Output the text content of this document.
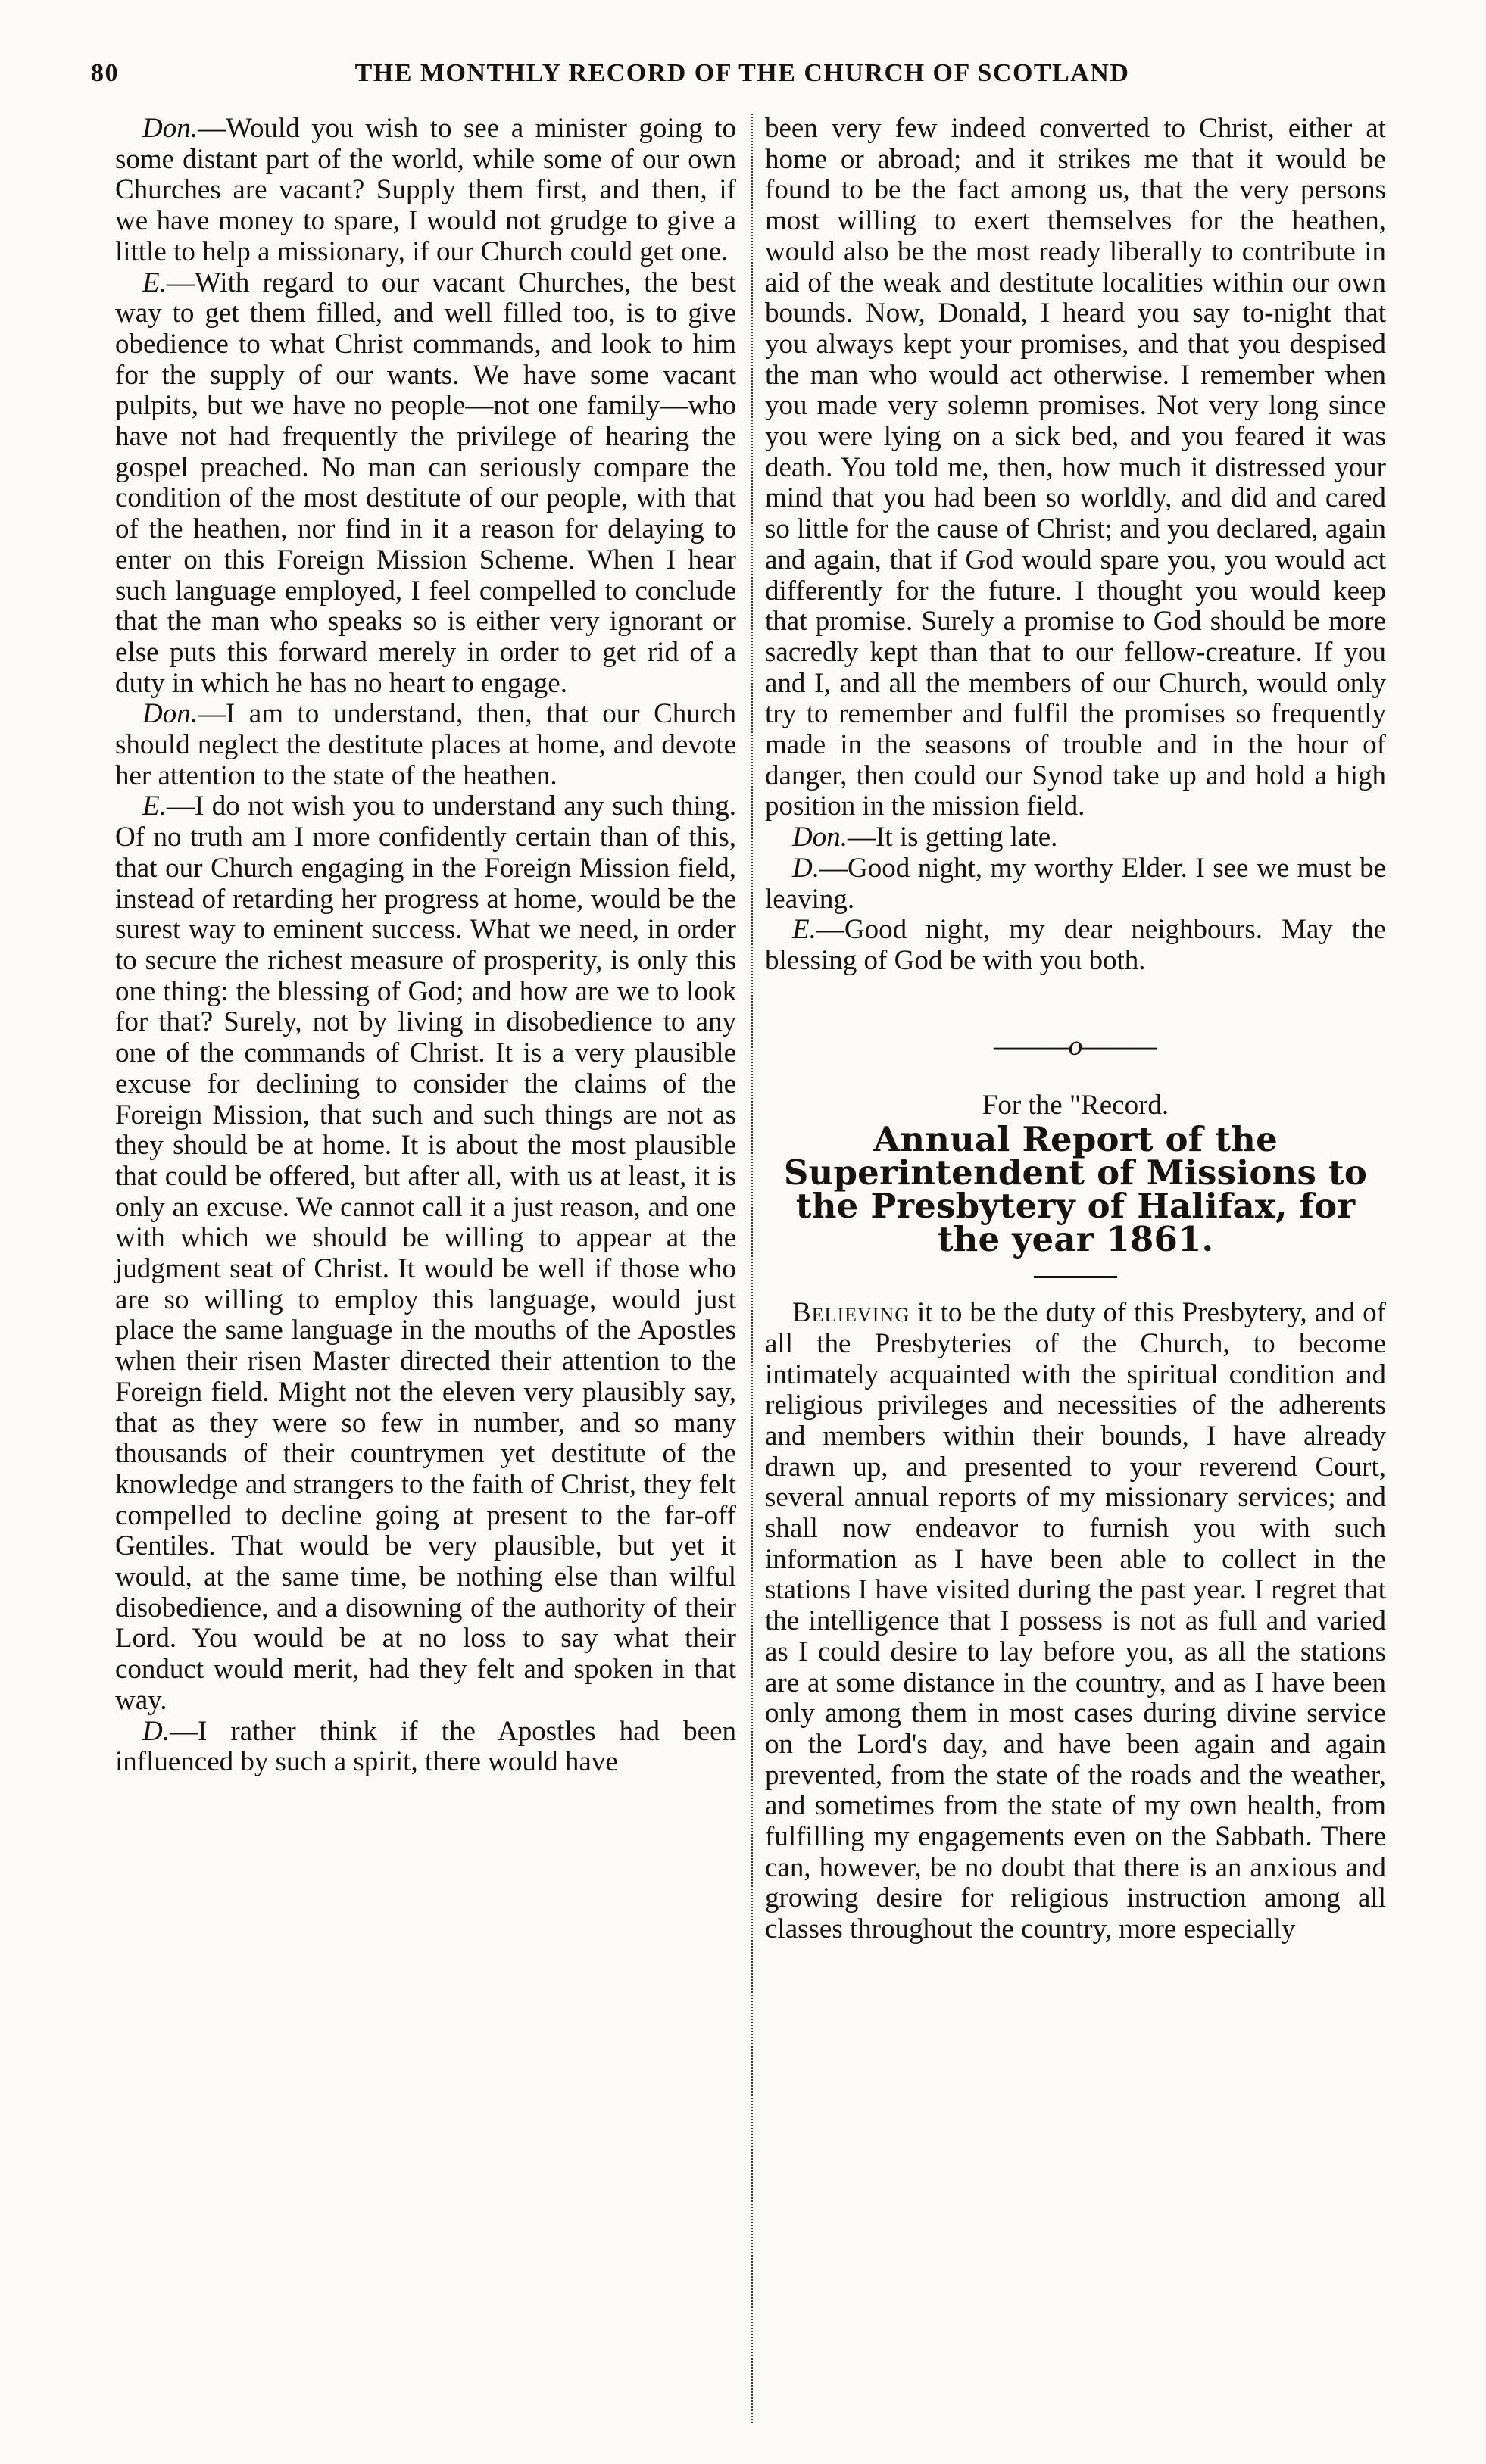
80	THE MONTHLY RECORD OF THE CHURCH OF SCOTLAND

Don.—Would you wish to see a minister going to some distant part of the world, while some of our own Churches are vacant? Supply them first, and then, if we have money to spare, I would not grudge to give a little to help a missionary, if our Church could get one.

E.—With regard to our vacant Churches, the best way to get them filled, and well filled too, is to give obedience to what Christ commands, and look to him for the supply of our wants. We have some vacant pulpits, but we have no people—not one family—who have not had frequently the privilege of hearing the gospel preached. No man can seriously compare the condition of the most destitute of our people, with that of the heathen, nor find in it a reason for delaying to enter on this Foreign Mission Scheme. When I hear such language employed, I feel compelled to conclude that the man who speaks so is either very ignorant or else puts this forward merely in order to get rid of a duty in which he has no heart to engage.

Don.—I am to understand, then, that our Church should neglect the destitute places at home, and devote her attention to the state of the heathen.

E.—I do not wish you to understand any such thing. Of no truth am I more confidently certain than of this, that our Church engaging in the Foreign Mission field, instead of retarding her progress at home, would be the surest way to eminent success. What we need, in order to secure the richest measure of prosperity, is only this one thing: the blessing of God; and how are we to look for that? Surely, not by living in disobedience to any one of the commands of Christ. It is a very plausible excuse for declining to consider the claims of the Foreign Mission, that such and such things are not as they should be at home. It is about the most plausible that could be offered, but after all, with us at least, it is only an excuse. We cannot call it a just reason, and one with which we should be willing to appear at the judgment seat of Christ. It would be well if those who are so willing to employ this language, would just place the same language in the mouths of the Apostles when their risen Master directed their attention to the Foreign field. Might not the eleven very plausibly say, that as they were so few in number, and so many thousands of their countrymen yet destitute of the knowledge and strangers to the faith of Christ, they felt compelled to decline going at present to the far-off Gentiles. That would be very plausible, but yet it would, at the same time, be nothing else than wilful disobedience, and a disowning of the authority of their Lord. You would be at no loss to say what their conduct would merit, had they felt and spoken in that way.

D.—I rather think if the Apostles had been influenced by such a spirit, there would have

been very few indeed converted to Christ, either at home or abroad; and it strikes me that it would be found to be the fact among us, that the very persons most willing to exert themselves for the heathen, would also be the most ready liberally to contribute in aid of the weak and destitute localities within our own bounds. Now, Donald, I heard you say to-night that you always kept your promises, and that you despised the man who would act otherwise. I remember when you made very solemn promises. Not very long since you were lying on a sick bed, and you feared it was death. You told me, then, how much it distressed your mind that you had been so worldly, and did and cared so little for the cause of Christ; and you declared, again and again, that if God would spare you, you would act differently for the future. I thought you would keep that promise. Surely a promise to God should be more sacredly kept than that to our fellow-creature. If you and I, and all the members of our Church, would only try to remember and fulfil the promises so frequently made in the seasons of trouble and in the hour of danger, then could our Synod take up and hold a high position in the mission field.

Don.—It is getting late.

D.—Good night, my worthy Elder. I see we must be leaving.

E.—Good night, my dear neighbours. May the blessing of God be with you both.

———o———

For the "Record.

Annual Report of the Superintendent of Missions to the Presbytery of Halifax, for the year 1861.

Believing it to be the duty of this Presbytery, and of all the Presbyteries of the Church, to become intimately acquainted with the spiritual condition and religious privileges and necessities of the adherents and members within their bounds, I have already drawn up, and presented to your reverend Court, several annual reports of my missionary services; and shall now endeavor to furnish you with such information as I have been able to collect in the stations I have visited during the past year. I regret that the intelligence that I possess is not as full and varied as I could desire to lay before you, as all the stations are at some distance in the country, and as I have been only among them in most cases during divine service on the Lord's day, and have been again and again prevented, from the state of the roads and the weather, and sometimes from the state of my own health, from fulfilling my engagements even on the Sabbath. There can, however, be no doubt that there is an anxious and growing desire for religious instruction among all classes throughout the country, more especially
